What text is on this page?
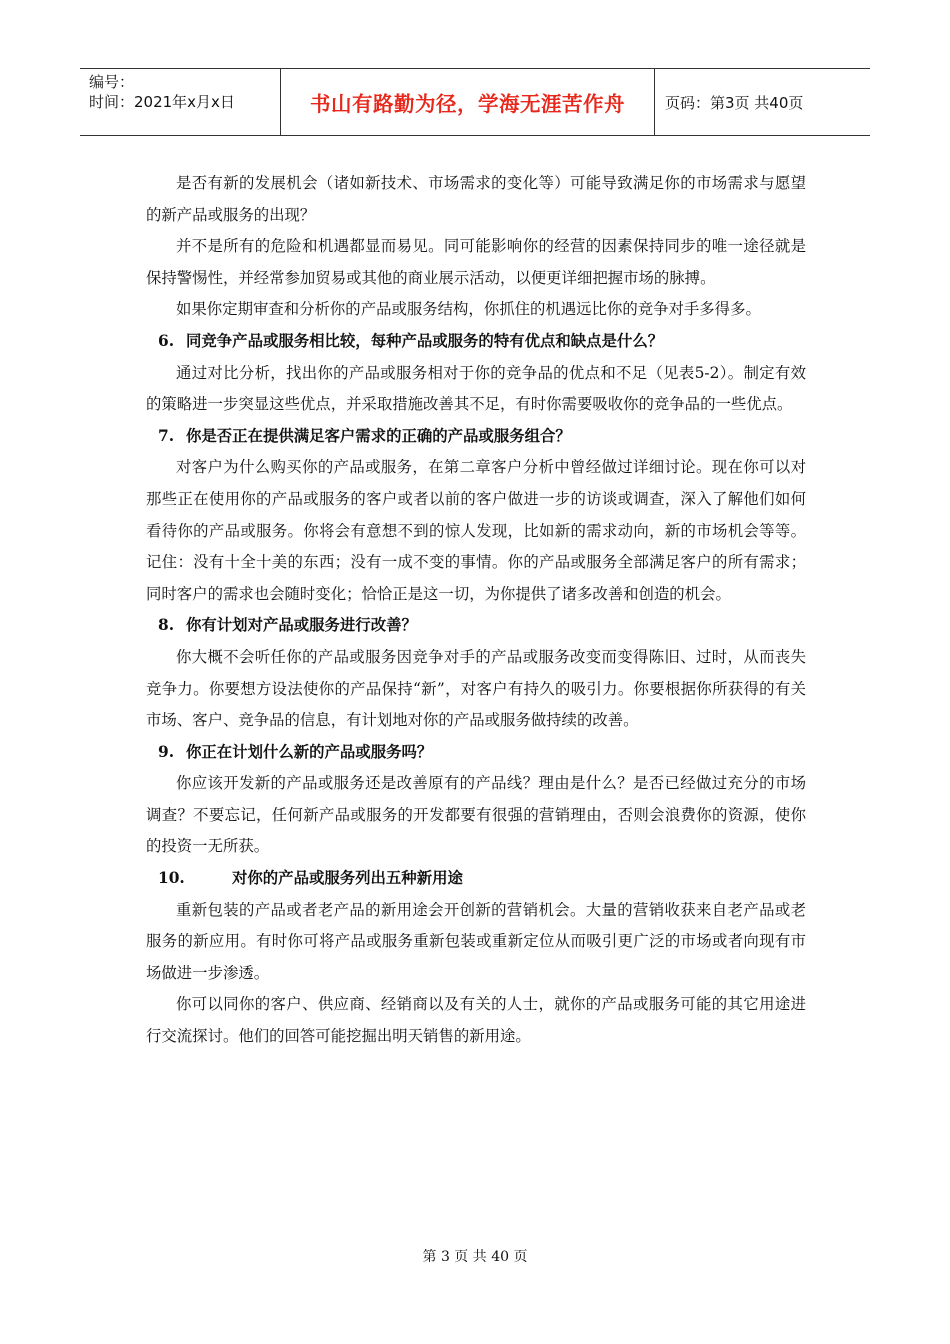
编号：
时间：2021年x月x日	书山有路勤为径，学海无涯苦作舟	页码：第3页 共40页

是否有新的发展机会（诸如新技术、市场需求的变化等）可能导致满足你的市场需求与愿望的新产品或服务的出现？

并不是所有的危险和机遇都显而易见。同可能影响你的经营的因素保持同步的唯一途径就是保持警惕性，并经常参加贸易或其他的商业展示活动，以便更详细把握市场的脉搏。

如果你定期审查和分析你的产品或服务结构，你抓住的机遇远比你的竞争对手多得多。

6. 同竞争产品或服务相比较，每种产品或服务的特有优点和缺点是什么？

通过对比分析，找出你的产品或服务相对于你的竞争品的优点和不足（见表5-2）。制定有效的策略进一步突显这些优点，并采取措施改善其不足，有时你需要吸收你的竞争品的一些优点。

7. 你是否正在提供满足客户需求的正确的产品或服务组合？

对客户为什么购买你的产品或服务，在第二章客户分析中曾经做过详细讨论。现在你可以对那些正在使用你的产品或服务的客户或者以前的客户做进一步的访谈或调查，深入了解他们如何看待你的产品或服务。你将会有意想不到的惊人发现，比如新的需求动向，新的市场机会等等。记住：没有十全十美的东西；没有一成不变的事情。你的产品或服务全部满足客户的所有需求；同时客户的需求也会随时变化；恰恰正是这一切，为你提供了诸多改善和创造的机会。

8. 你有计划对产品或服务进行改善？

你大概不会听任你的产品或服务因竞争对手的产品或服务改变而变得陈旧、过时，从而丧失竞争力。你要想方设法使你的产品保持“新”，对客户有持久的吸引力。你要根据你所获得的有关市场、客户、竞争品的信息，有计划地对你的产品或服务做持续的改善。

9. 你正在计划什么新的产品或服务吗？

你应该开发新的产品或服务还是改善原有的产品线？理由是什么？是否已经做过充分的市场调查？不要忘记，任何新产品或服务的开发都要有很强的营销理由，否则会浪费你的资源，使你的投资一无所获。

10.	对你的产品或服务列出五种新用途

重新包装的产品或者老产品的新用途会开创新的营销机会。大量的营销收获来自老产品或老服务的新应用。有时你可将产品或服务重新包装或重新定位从而吸引更广泛的市场或者向现有市场做进一步渗透。

你可以同你的客户、供应商、经销商以及有关的人士，就你的产品或服务可能的其它用途进行交流探讨。他们的回答可能挖掘出明天销售的新用途。

第 3 页 共 40 页
